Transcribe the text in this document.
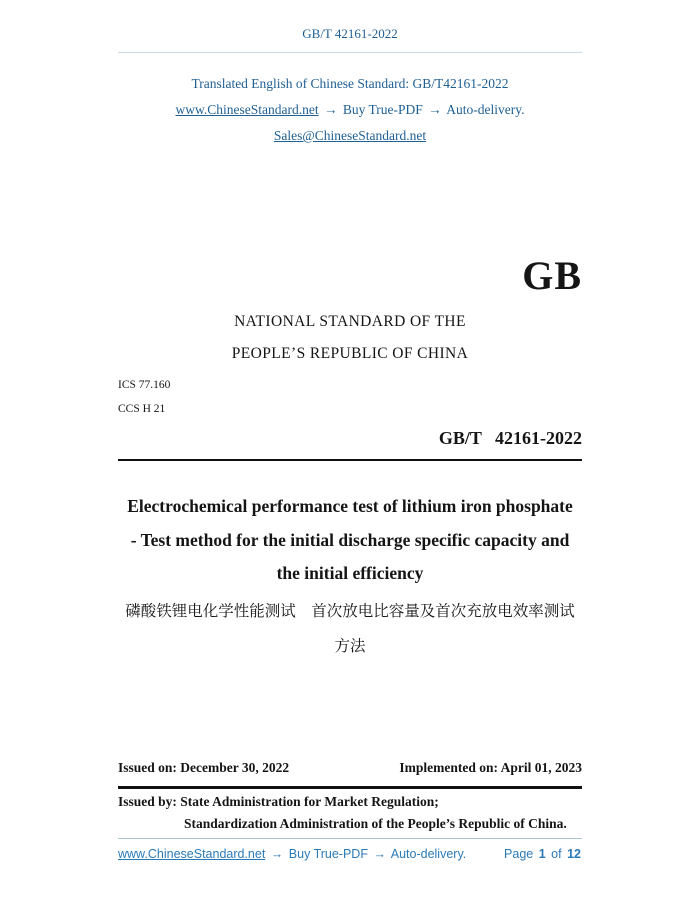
GB/T 42161-2022
Translated English of Chinese Standard: GB/T42161-2022
www.ChineseStandard.net → Buy True-PDF → Auto-delivery.
Sales@ChineseStandard.net
GB
NATIONAL STANDARD OF THE
PEOPLE’S REPUBLIC OF CHINA
ICS 77.160
CCS H 21
GB/T 42161-2022
Electrochemical performance test of lithium iron phosphate
- Test method for the initial discharge specific capacity and
the initial efficiency
磷酸铁锂电化学性能测试　首次放电比容量及首次充放电效率测试
方法
Issued on: December 30, 2022	Implemented on: April 01, 2023
Issued by: State Administration for Market Regulation;
Standardization Administration of the People’s Republic of China.
www.ChineseStandard.net → Buy True-PDF → Auto-delivery.	Page 1 of 12
